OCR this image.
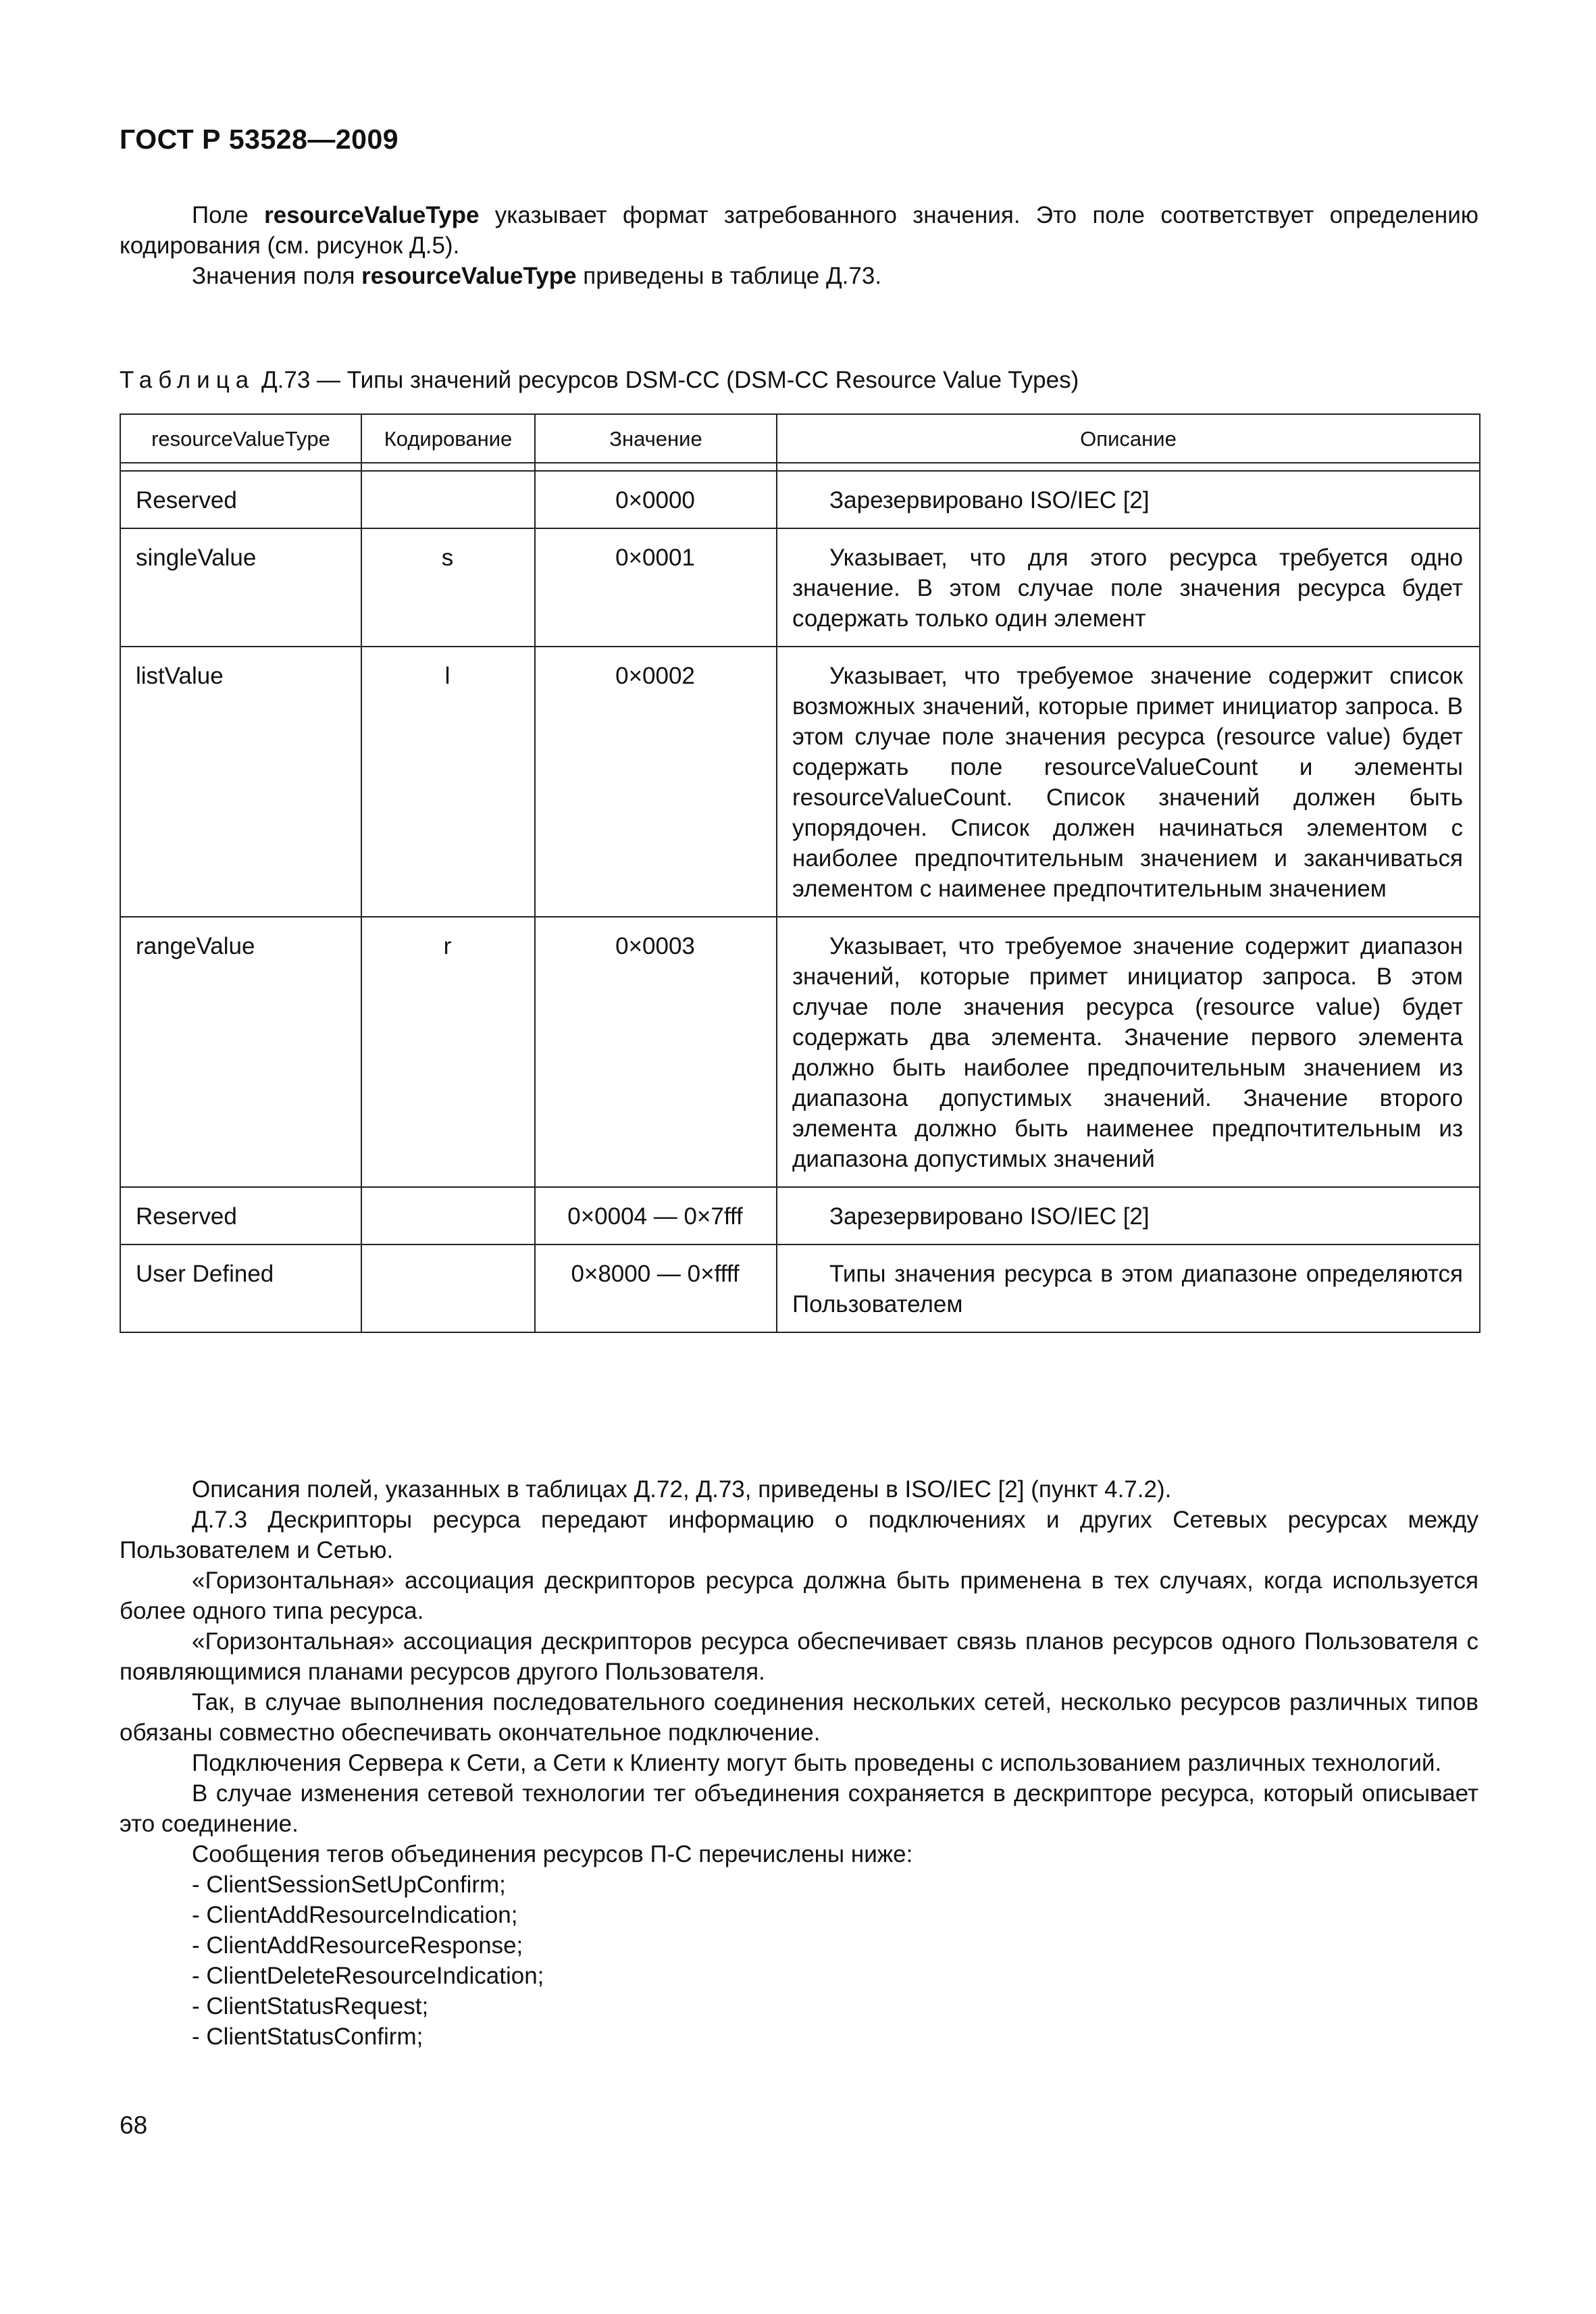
ГОСТ Р 53528—2009

Поле resourceValueType указывает формат затребованного значения. Это поле соответствует определению кодирования (см. рисунок Д.5).

Значения поля resourceValueType приведены в таблице Д.73.

Таблица Д.73 — Типы значений ресурсов DSM-CC (DSM-CC Resource Value Types)
resourceValueType	Кодирование	Значение	Описание

Reserved		0×0000	Зарезервировано ISO/IEC [2]

singleValue	s	0×0001	Указывает, что для этого ресурса требуется одно значение. В этом случае поле значения ресурса будет содержать только один элемент

listValue	l	0×0002	Указывает, что требуемое значение содержит список возможных значений, которые примет инициатор запроса. В этом случае поле значения ресурса (resource value) будет содержать поле resourceValueCount и элементы resourceValueCount. Список значений должен быть упорядочен. Список должен начинаться элементом с наиболее предпочтительным значением и заканчиваться элементом с наименее предпочтительным значением

rangeValue	r	0×0003	Указывает, что требуемое значение содержит диапазон значений, которые примет инициатор запроса. В этом случае поле значения ресурса (resource value) будет содержать два элемента. Значение первого элемента должно быть наиболее предпочительным значением из диапазона допустимых значений. Значение второго элемента должно быть наименее предпочтительным из диапазона допустимых значений

Reserved		0×0004 — 0×7fff	Зарезервировано ISO/IEC [2]

User Defined		0×8000 — 0×ffff	Типы значения ресурса в этом диапазоне определяются Пользователем

Описания полей, указанных в таблицах Д.72, Д.73, приведены в ISO/IEC [2] (пункт 4.7.2).

Д.7.3 Дескрипторы ресурса передают информацию о подключениях и других Сетевых ресурсах между Пользователем и Сетью.

«Горизонтальная» ассоциация дескрипторов ресурса должна быть применена в тех случаях, когда используется более одного типа ресурса.

«Горизонтальная» ассоциация дескрипторов ресурса обеспечивает связь планов ресурсов одного Пользователя с появляющимися планами ресурсов другого Пользователя.

Так, в случае выполнения последовательного соединения нескольких сетей, несколько ресурсов различных типов обязаны совместно обеспечивать окончательное подключение.

Подключения Сервера к Сети, а Сети к Клиенту могут быть проведены с использованием различных технологий.

В случае изменения сетевой технологии тег объединения сохраняется в дескрипторе ресурса, который описывает это соединение.

Сообщения тегов объединения ресурсов П-С перечислены ниже:

- ClientSessionSetUpConfirm;
- ClientAddResourceIndication;
- ClientAddResourceResponse;
- ClientDeleteResourceIndication;
- ClientStatusRequest;
- ClientStatusConfirm;
68
